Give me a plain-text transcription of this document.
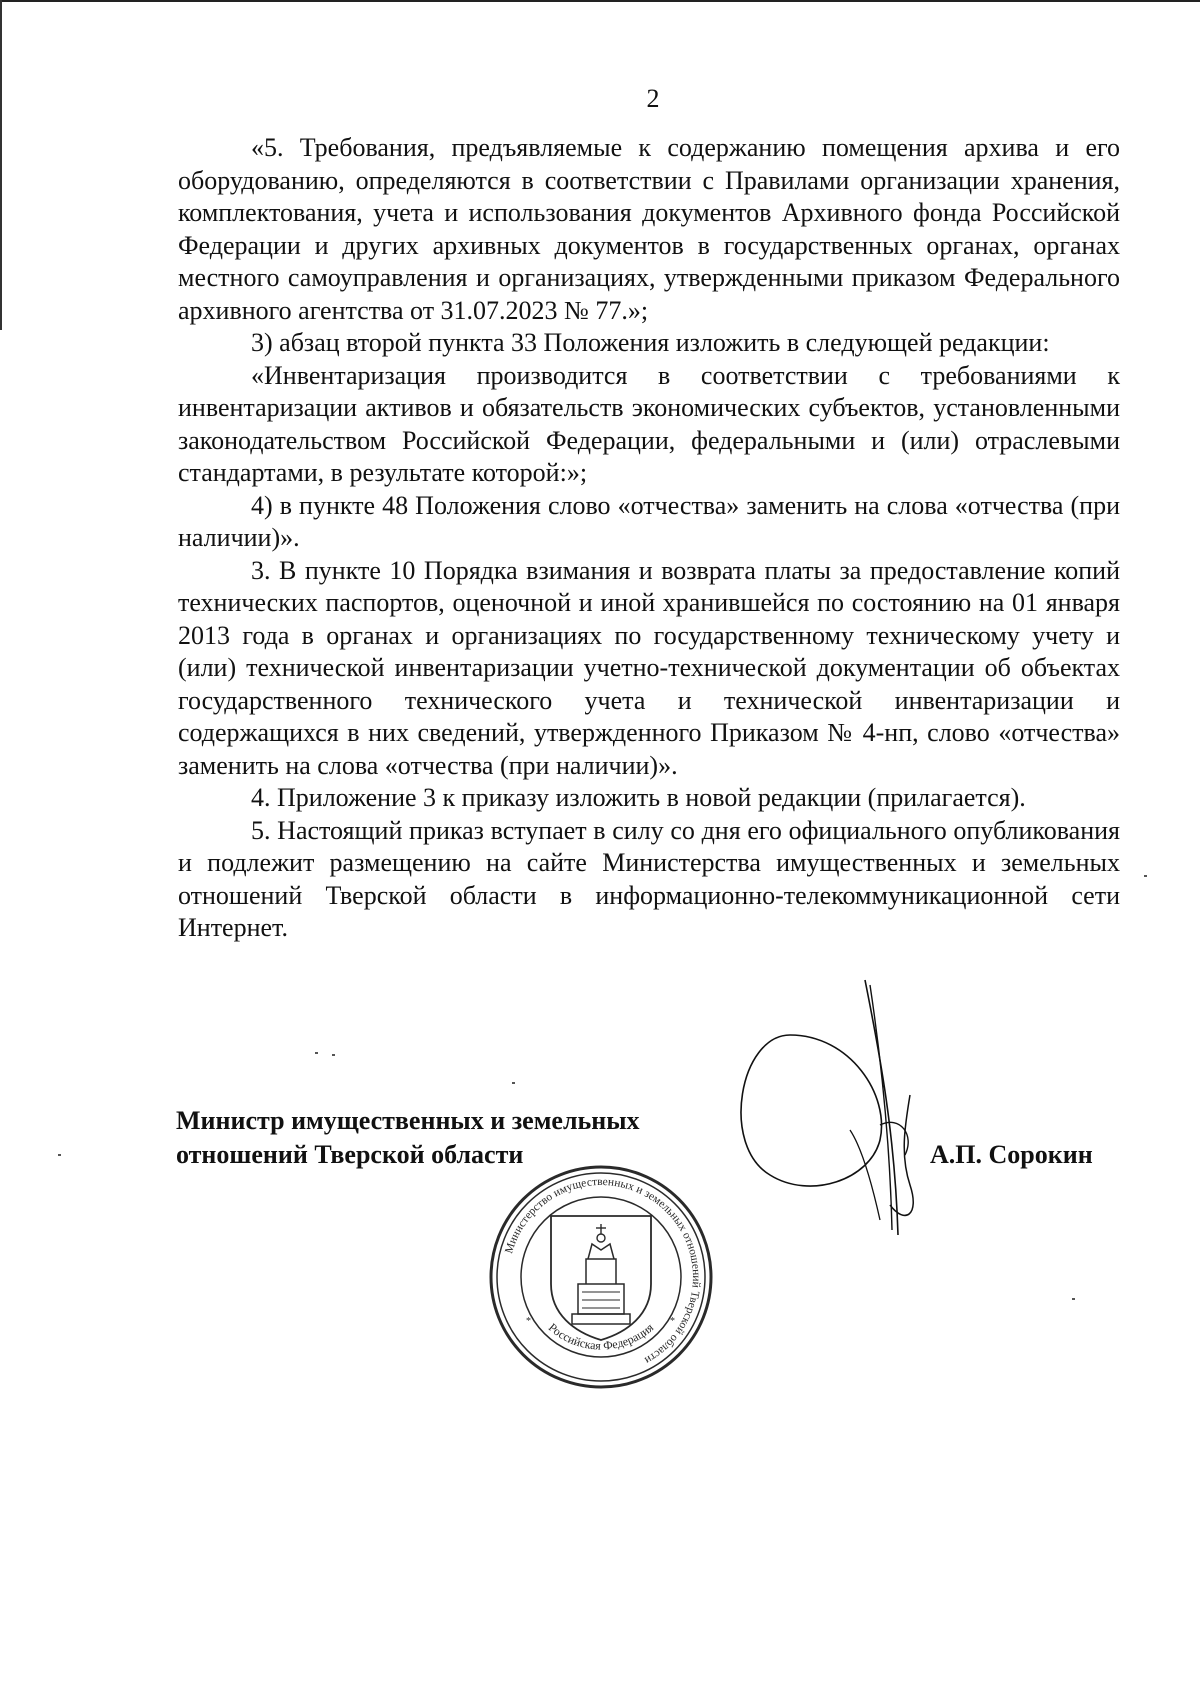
2

«5. Требования, предъявляемые к содержанию помещения архива и его оборудованию, определяются в соответствии с Правилами организации хранения, комплектования, учета и использования документов Архивного фонда Российской Федерации и других архивных документов в государственных органах, органах местного самоуправления и организациях, утвержденными приказом Федерального архивного агентства от 31.07.2023 № 77.»;

3) абзац второй пункта 33 Положения изложить в следующей редакции:

«Инвентаризация производится в соответствии с требованиями к инвентаризации активов и обязательств экономических субъектов, установленными законодательством Российской Федерации, федеральными и (или) отраслевыми стандартами, в результате которой:»;

4) в пункте 48 Положения слово «отчества» заменить на слова «отчества (при наличии)».

3. В пункте 10 Порядка взимания и возврата платы за предоставление копий технических паспортов, оценочной и иной хранившейся по состоянию на 01 января 2013 года в органах и организациях по государственному техническому учету и (или) технической инвентаризации учетно-технической документации об объектах государственного технического учета и технической инвентаризации и содержащихся в них сведений, утвержденного Приказом № 4-нп, слово «отчества» заменить на слова «отчества (при наличии)».

4. Приложение 3 к приказу изложить в новой редакции (прилагается).

5. Настоящий приказ вступает в силу со дня его официального опубликования и подлежит размещению на сайте Министерства имущественных и земельных отношений Тверской области в информационно-телекоммуникационной сети Интернет.

Министр имущественных и земельных
отношений Тверской области	А.П. Сорокин
Министерство имущественных и земельных отношений Тверской области
Российская Федерация
*	*
